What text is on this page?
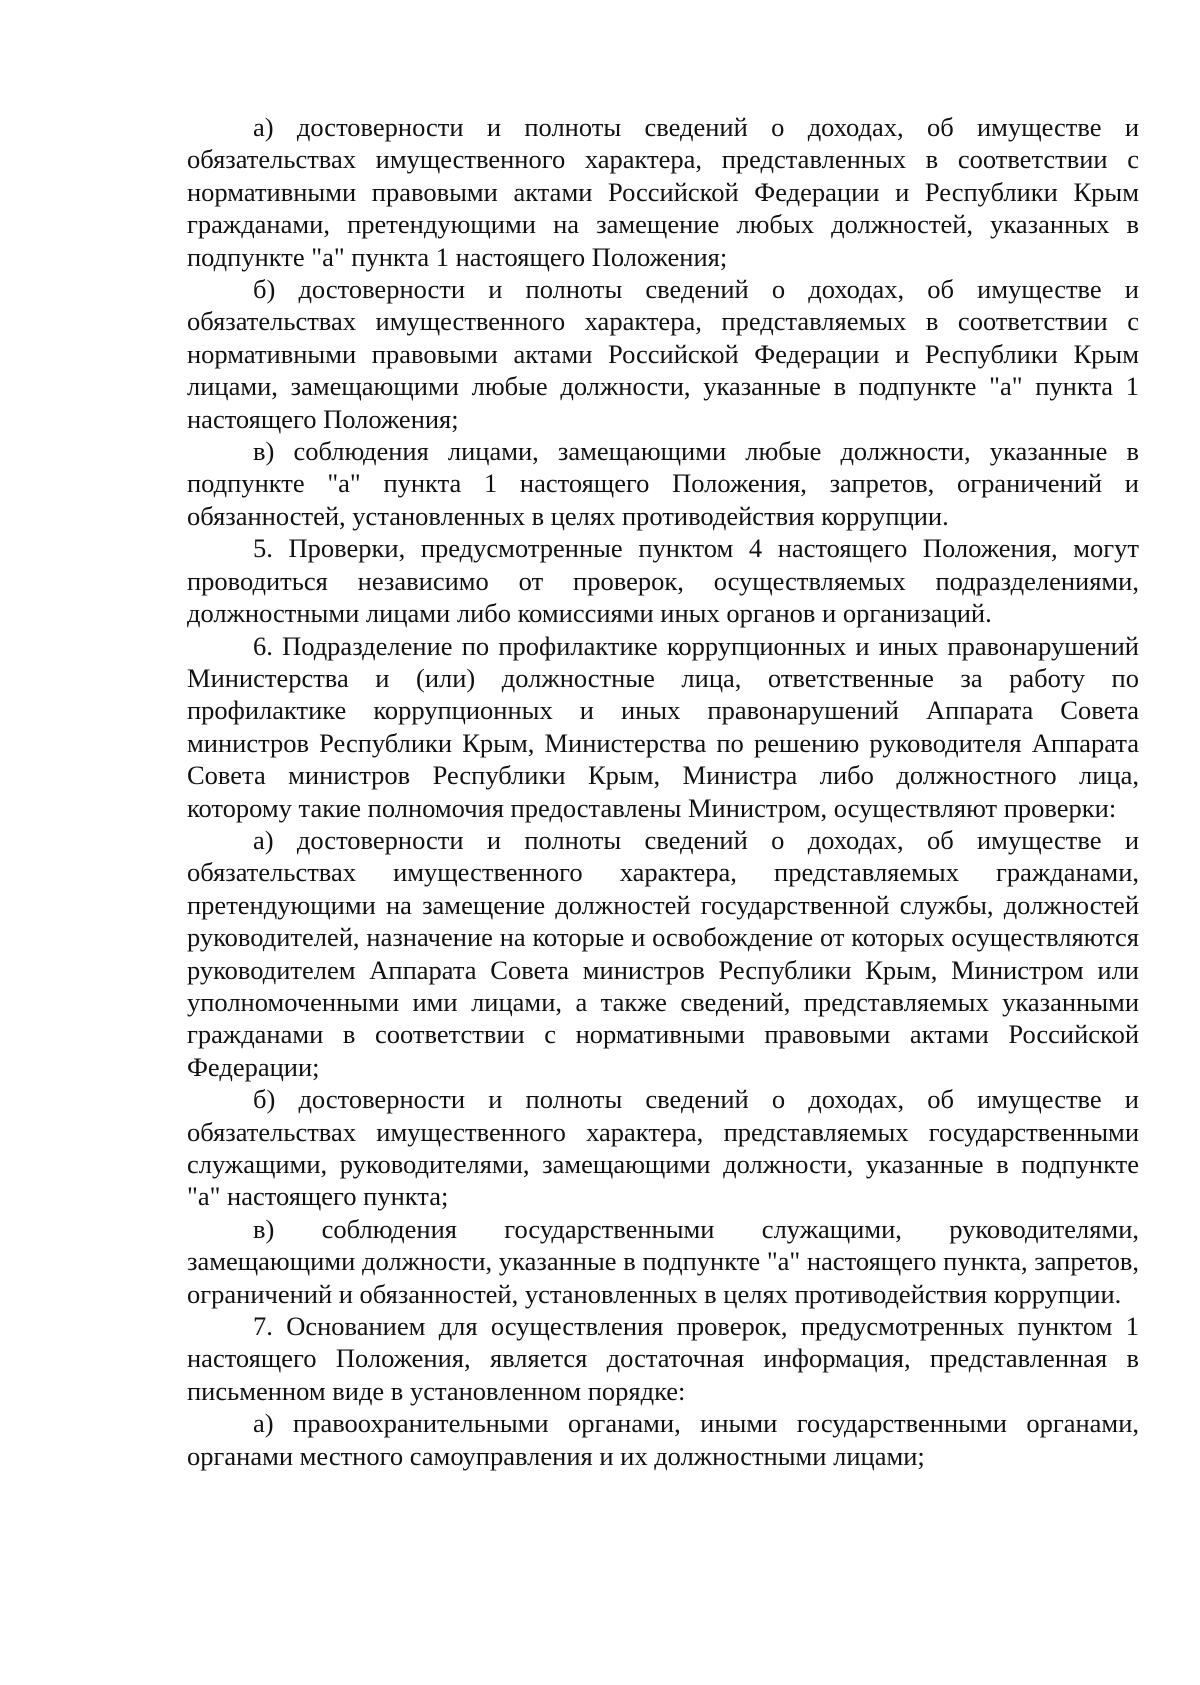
а) достоверности и полноты сведений о доходах, об имуществе и обязательствах имущественного характера, представленных в соответствии с нормативными правовыми актами Российской Федерации и Республики Крым гражданами, претендующими на замещение любых должностей, указанных в подпункте "а" пункта 1 настоящего Положения;

б) достоверности и полноты сведений о доходах, об имуществе и обязательствах имущественного характера, представляемых в соответствии с нормативными правовыми актами Российской Федерации и Республики Крым лицами, замещающими любые должности, указанные в подпункте "а" пункта 1 настоящего Положения;

в) соблюдения лицами, замещающими любые должности, указанные в подпункте "а" пункта 1 настоящего Положения, запретов, ограничений и обязанностей, установленных в целях противодействия коррупции.

5. Проверки, предусмотренные пунктом 4 настоящего Положения, могут проводиться независимо от проверок, осуществляемых подразделениями, должностными лицами либо комиссиями иных органов и организаций.

6. Подразделение по профилактике коррупционных и иных правонарушений Министерства и (или) должностные лица, ответственные за работу по профилактике коррупционных и иных правонарушений Аппарата Совета министров Республики Крым, Министерства по решению руководителя Аппарата Совета министров Республики Крым, Министра либо должностного лица, которому такие полномочия предоставлены Министром, осуществляют проверки:

а) достоверности и полноты сведений о доходах, об имуществе и обязательствах имущественного характера, представляемых гражданами, претендующими на замещение должностей государственной службы, должностей руководителей, назначение на которые и освобождение от которых осуществляются руководителем Аппарата Совета министров Республики Крым, Министром или уполномоченными ими лицами, а также сведений, представляемых указанными гражданами в соответствии с нормативными правовыми актами Российской Федерации;

б) достоверности и полноты сведений о доходах, об имуществе и обязательствах имущественного характера, представляемых государственными служащими, руководителями, замещающими должности, указанные в подпункте "а" настоящего пункта;

в) соблюдения государственными служащими, руководителями, замещающими должности, указанные в подпункте "а" настоящего пункта, запретов, ограничений и обязанностей, установленных в целях противодействия коррупции.

7. Основанием для осуществления проверок, предусмотренных пунктом 1 настоящего Положения, является достаточная информация, представленная в письменном виде в установленном порядке:

а) правоохранительными органами, иными государственными органами, органами местного самоуправления и их должностными лицами;
